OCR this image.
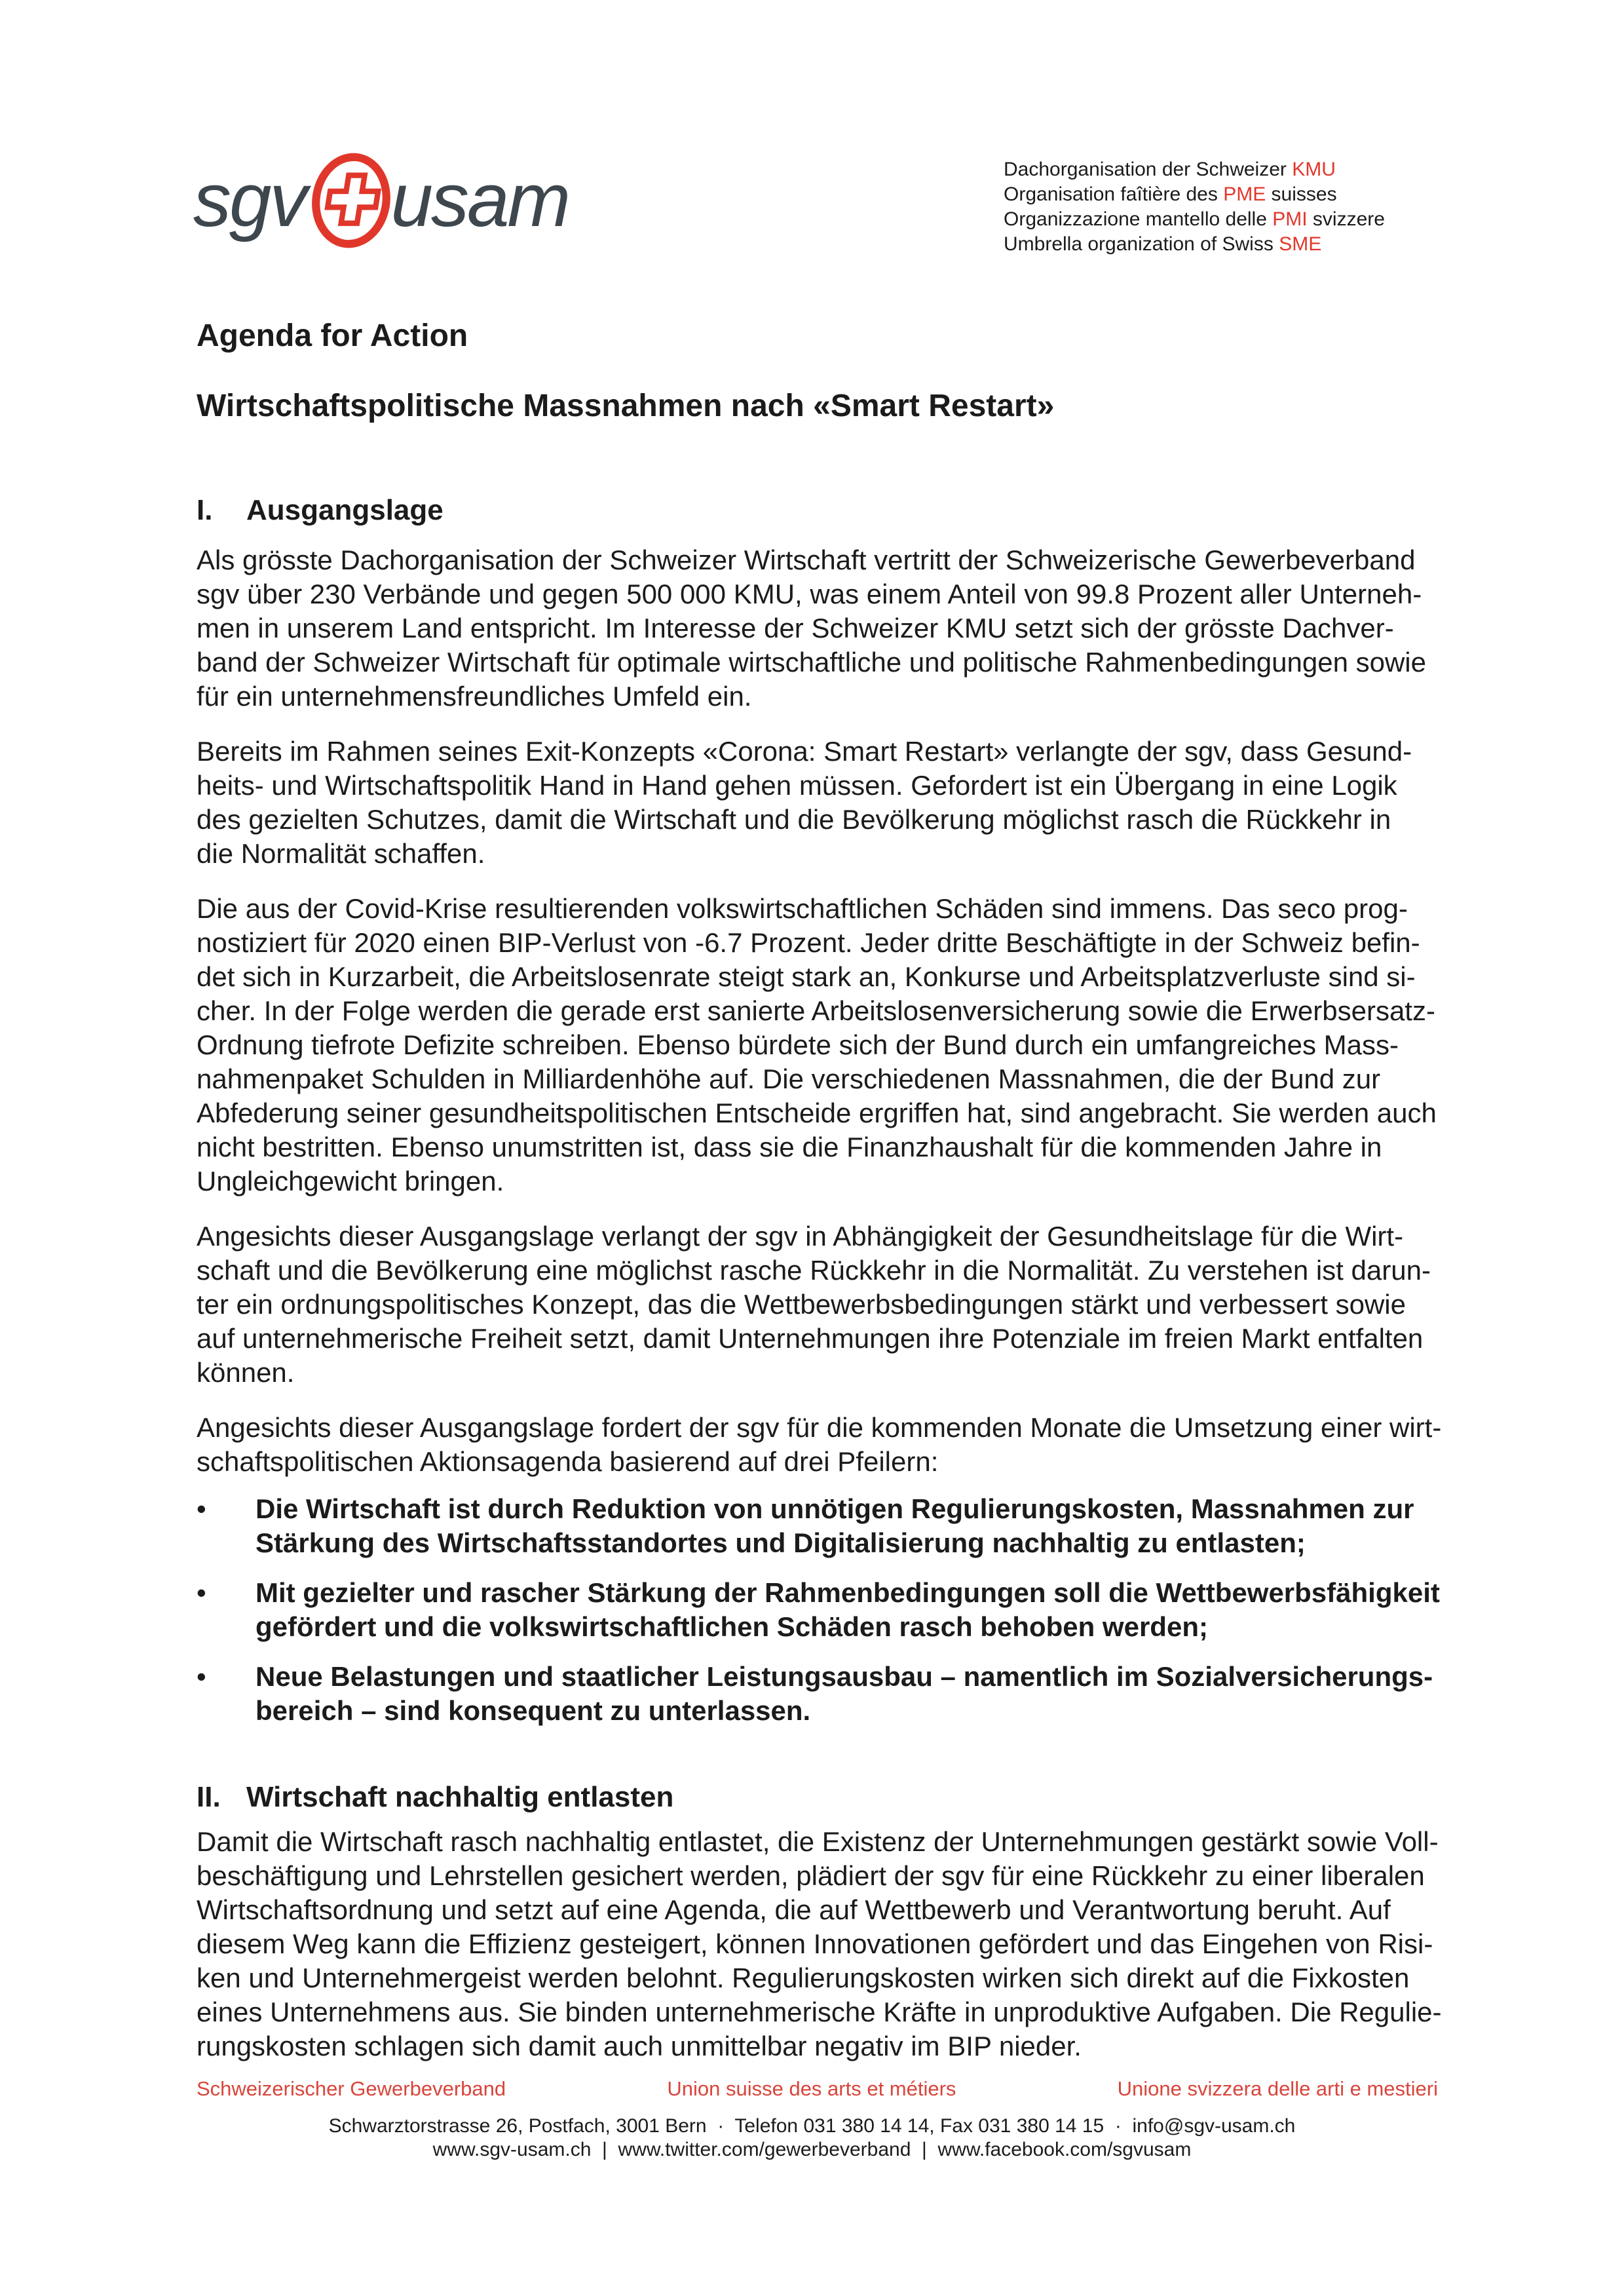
sgv usam	Dachorganisation der Schweizer KMU
Organisation faîtière des PME suisses
Organizzazione mantello delle PMI svizzere
Umbrella organization of Swiss SME
Agenda for Action
Wirtschaftspolitische Massnahmen nach «Smart Restart»
I.	Ausgangslage
Als grösste Dachorganisation der Schweizer Wirtschaft vertritt der Schweizerische Gewerbeverband
sgv über 230 Verbände und gegen 500 000 KMU, was einem Anteil von 99.8 Prozent aller Unterneh-
men in unserem Land entspricht. Im Interesse der Schweizer KMU setzt sich der grösste Dachver-
band der Schweizer Wirtschaft für optimale wirtschaftliche und politische Rahmenbedingungen sowie
für ein unternehmensfreundliches Umfeld ein.
Bereits im Rahmen seines Exit-Konzepts «Corona: Smart Restart» verlangte der sgv, dass Gesund-
heits- und Wirtschaftspolitik Hand in Hand gehen müssen. Gefordert ist ein Übergang in eine Logik
des gezielten Schutzes, damit die Wirtschaft und die Bevölkerung möglichst rasch die Rückkehr in
die Normalität schaffen.
Die aus der Covid-Krise resultierenden volkswirtschaftlichen Schäden sind immens. Das seco prog-
nostiziert für 2020 einen BIP-Verlust von -6.7 Prozent. Jeder dritte Beschäftigte in der Schweiz befin-
det sich in Kurzarbeit, die Arbeitslosenrate steigt stark an, Konkurse und Arbeitsplatzverluste sind si-
cher. In der Folge werden die gerade erst sanierte Arbeitslosenversicherung sowie die Erwerbsersatz-
Ordnung tiefrote Defizite schreiben. Ebenso bürdete sich der Bund durch ein umfangreiches Mass-
nahmenpaket Schulden in Milliardenhöhe auf. Die verschiedenen Massnahmen, die der Bund zur
Abfederung seiner gesundheitspolitischen Entscheide ergriffen hat, sind angebracht. Sie werden auch
nicht bestritten. Ebenso unumstritten ist, dass sie die Finanzhaushalt für die kommenden Jahre in
Ungleichgewicht bringen.
Angesichts dieser Ausgangslage verlangt der sgv in Abhängigkeit der Gesundheitslage für die Wirt-
schaft und die Bevölkerung eine möglichst rasche Rückkehr in die Normalität. Zu verstehen ist darun-
ter ein ordnungspolitisches Konzept, das die Wettbewerbsbedingungen stärkt und verbessert sowie
auf unternehmerische Freiheit setzt, damit Unternehmungen ihre Potenziale im freien Markt entfalten
können.
Angesichts dieser Ausgangslage fordert der sgv für die kommenden Monate die Umsetzung einer wirt-
schaftspolitischen Aktionsagenda basierend auf drei Pfeilern:
•	Die Wirtschaft ist durch Reduktion von unnötigen Regulierungskosten, Massnahmen zur
Stärkung des Wirtschaftsstandortes und Digitalisierung nachhaltig zu entlasten;
•	Mit gezielter und rascher Stärkung der Rahmenbedingungen soll die Wettbewerbsfähigkeit
gefördert und die volkswirtschaftlichen Schäden rasch behoben werden;
•	Neue Belastungen und staatlicher Leistungsausbau – namentlich im Sozialversicherungs-
bereich – sind konsequent zu unterlassen.
II. Wirtschaft nachhaltig entlasten
Damit die Wirtschaft rasch nachhaltig entlastet, die Existenz der Unternehmungen gestärkt sowie Voll-
beschäftigung und Lehrstellen gesichert werden, plädiert der sgv für eine Rückkehr zu einer liberalen
Wirtschaftsordnung und setzt auf eine Agenda, die auf Wettbewerb und Verantwortung beruht. Auf
diesem Weg kann die Effizienz gesteigert, können Innovationen gefördert und das Eingehen von Risi-
ken und Unternehmergeist werden belohnt. Regulierungskosten wirken sich direkt auf die Fixkosten
eines Unternehmens aus. Sie binden unternehmerische Kräfte in unproduktive Aufgaben. Die Regulie-
rungskosten schlagen sich damit auch unmittelbar negativ im BIP nieder.
Schweizerischer Gewerbeverband	Union suisse des arts et métiers	Unione svizzera delle arti e mestieri
Schwarztorstrasse 26, Postfach, 3001 Bern  ·  Telefon 031 380 14 14, Fax 031 380 14 15  ·  info@sgv-usam.ch
www.sgv-usam.ch  |  www.twitter.com/gewerbeverband  |  www.facebook.com/sgvusam
